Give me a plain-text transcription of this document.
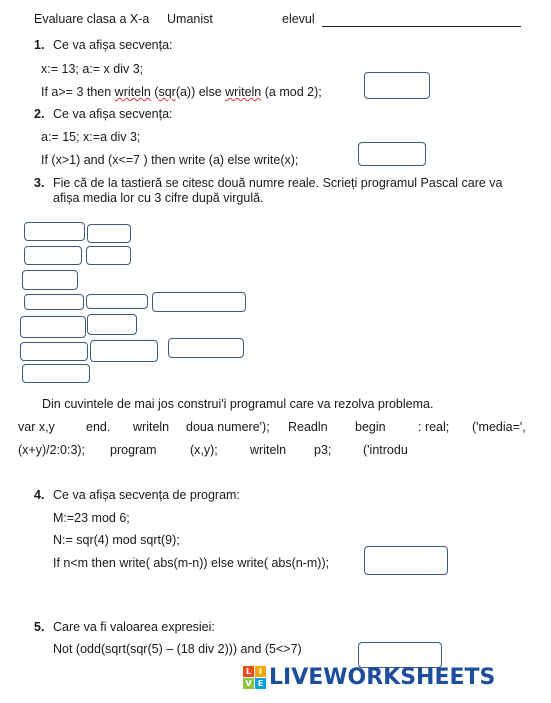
Evaluare clasa a X-a Umanist	elevul
1. Ce va afișa secvența:
x:= 13; a:= x div 3;
If a>= 3 then writeln (sqr(a)) else writeln (a mod 2);
2. Ce va afișa secvența:
a:= 15; x:=a div 3;
If (x>1) and (x<=7 ) then write (a) else write(x);
3. Fie că de la tastieră se citesc două numre reale. Scrieți programul Pascal care va
afișa media lor cu 3 cifre după virgulă.
Din cuvintele de mai jos construi'i programul care va rezolva problema.
var x,y end. writeln doua numere'); Readln begin	: real; ('media=',
(x+y)/2:0:3); program	(x,y);	writeln p3;	('introdu
4. Ce va afișa secvența de program:
M:=23 mod 6;
N:= sqr(4) mod sqrt(9);
If n<m then write( abs(m-n)) else write( abs(n-m));
5. Care va fi valoarea expresiei:
Not (odd(sqrt(sqr(5) – (18 div 2))) and (5<>7)
L I
V E LIVEWORKSHEETS
